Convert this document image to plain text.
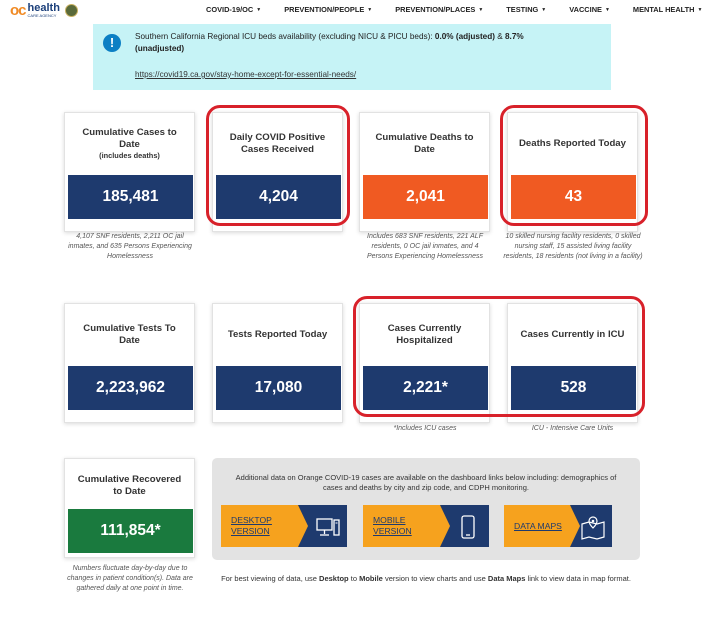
oc health
CARE AGENCY
COVID-19/OC ▼	PREVENTION/PEOPLE ▼	PREVENTION/PLACES ▼	TESTING ▼	VACCINE ▼	MENTAL HEALTH ▼
!	Southern California Regional ICU beds availability (excluding NICU & PICU beds): 0.0% (adjusted) & 8.7% (unadjusted)
https://covid19.ca.gov/stay-home-except-for-essential-needs/
Cumulative Cases to Date
(includes deaths)
185,481
4,107 SNF residents, 2,211 OC jail inmates, and 635 Persons Experiencing Homelessness
Daily COVID Positive Cases Received
4,204
Cumulative Deaths to Date
2,041
Includes 683 SNF residents, 221 ALF residents, 0 OC jail inmates, and 4 Persons Experiencing Homelessness
Deaths Reported Today
43
10 skilled nursing facility residents, 0 skilled nursing staff, 15 assisted living facility residents, 18 residents (not living in a facility)
Cumulative Tests To Date
2,223,962
Tests Reported Today
17,080
Cases Currently Hospitalized
2,221*
*Includes ICU cases
Cases Currently in ICU
528
ICU - Intensive Care Units
Cumulative Recovered to Date
111,854*
Numbers fluctuate day-by-day due to changes in patient condition(s). Data are gathered daily at one point in time.
Additional data on Orange COVID-19 cases are available on the dashboard links below including: demographics of cases and deaths by city and zip code, and CDPH monitoring.
DESKTOP
VERSION
MOBILE
VERSION
DATA MAPS
For best viewing of data, use Desktop to Mobile version to view charts and use Data Maps link to view data in map format.
